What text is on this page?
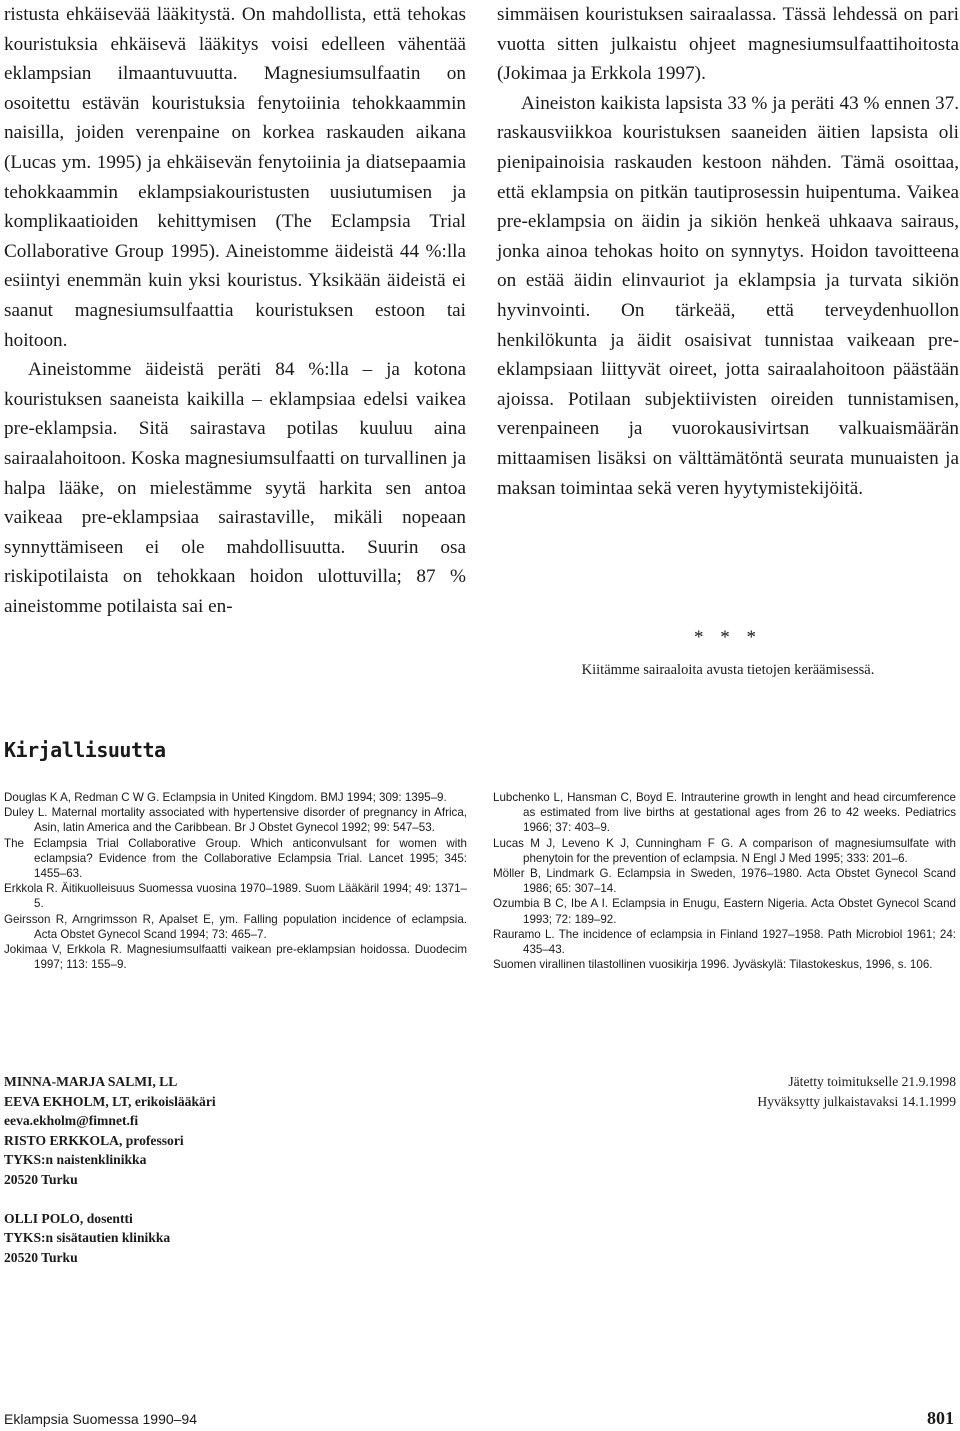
ristusta ehkäisevää lääkitystä. On mahdollista, että tehokas kouristuksia ehkäisevä lääkitys voisi edelleen vähentää eklampsian ilmaantuvuutta. Magnesiumsulfaatin on osoitettu estävän kouristuksia fenytoiinia tehokkaammin naisilla, joiden verenpaine on korkea raskauden aikana (Lucas ym. 1995) ja ehkäisevän fenytoiinia ja diatsepaamia tehokkaammin eklampsiakouristusten uusiutumisen ja komplikaatioiden kehittymisen (The Eclampsia Trial Collaborative Group 1995). Aineistomme äideistä 44 %:lla esiintyi enemmän kuin yksi kouristus. Yksikään äideistä ei saanut magnesiumsulfaattia kouristuksen estoon tai hoitoon.

Aineistomme äideistä peräti 84 %:lla – ja kotona kouristuksen saaneista kaikilla – eklampsiaa edelsi vaikea pre-eklampsia. Sitä sairastava potilas kuuluu aina sairaalahoitoon. Koska magnesiumsulfaatti on turvallinen ja halpa lääke, on mielestämme syytä harkita sen antoa vaikeaa pre-eklampsiaa sairastaville, mikäli nopeaan synnyttämiseen ei ole mahdollisuutta. Suurin osa riskipotilaista on tehokkaan hoidon ulottuvilla; 87 % aineistomme potilaista sai en-

simmäisen kouristuksen sairaalassa. Tässä lehdessä on pari vuotta sitten julkaistu ohjeet magnesiumsulfaattihoitosta (Jokimaa ja Erkkola 1997).

Aineiston kaikista lapsista 33 % ja peräti 43 % ennen 37. raskausviikkoa kouristuksen saaneiden äitien lapsista oli pienipainoisia raskauden kestoon nähden. Tämä osoittaa, että eklampsia on pitkän tautiprosessin huipentuma. Vaikea pre-eklampsia on äidin ja sikiön henkeä uhkaava sairaus, jonka ainoa tehokas hoito on synnytys. Hoidon tavoitteena on estää äidin elinvauriot ja eklampsia ja turvata sikiön hyvinvointi. On tärkeää, että terveydenhuollon henkilökunta ja äidit osaisivat tunnistaa vaikeaan pre-eklampsiaan liittyvät oireet, jotta sairaalahoitoon päästään ajoissa. Potilaan subjektiivisten oireiden tunnistamisen, verenpaineen ja vuorokausivirtsan valkuaismäärän mittaamisen lisäksi on välttämätöntä seurata munuaisten ja maksan toimintaa sekä veren hyytymistekijöitä.

* * *
Kiitämme sairaaloita avusta tietojen keräämisessä.
Kirjallisuutta

Douglas K A, Redman C W G. Eclampsia in United Kingdom. BMJ 1994; 309: 1395–9.

Duley L. Maternal mortality associated with hypertensive disorder of pregnancy in Africa, Asin, latin America and the Caribbean. Br J Obstet Gynecol 1992; 99: 547–53.

The Eclampsia Trial Collaborative Group. Which anticonvulsant for women with eclampsia? Evidence from the Collaborative Eclampsia Trial. Lancet 1995; 345: 1455–63.

Erkkola R. Äitikuolleisuus Suomessa vuosina 1970–1989. Suom Lääkäril 1994; 49: 1371–5.

Geirsson R, Arngrimsson R, Apalset E, ym. Falling population incidence of eclampsia. Acta Obstet Gynecol Scand 1994; 73: 465–7.

Jokimaa V, Erkkola R. Magnesiumsulfaatti vaikean pre-eklampsian hoidossa. Duodecim 1997; 113: 155–9.

Lubchenko L, Hansman C, Boyd E. Intrauterine growth in lenght and head circumference as estimated from live births at gestational ages from 26 to 42 weeks. Pediatrics 1966; 37: 403–9.

Lucas M J, Leveno K J, Cunningham F G. A comparison of magnesiumsulfate with phenytoin for the prevention of eclampsia. N Engl J Med 1995; 333: 201–6.

Möller B, Lindmark G. Eclampsia in Sweden, 1976–1980. Acta Obstet Gynecol Scand 1986; 65: 307–14.

Ozumbia B C, Ibe A I. Eclampsia in Enugu, Eastern Nigeria. Acta Obstet Gynecol Scand 1993; 72: 189–92.

Rauramo L. The incidence of eclampsia in Finland 1927–1958. Path Microbiol 1961; 24: 435–43.

Suomen virallinen tilastollinen vuosikirja 1996. Jyväskylä: Tilastokeskus, 1996, s. 106.

MINNA-MARJA SALMI, LL
EEVA EKHOLM, LT, erikoislääkäri
eeva.ekholm@fimnet.fi
RISTO ERKKOLA, professori
TYKS:n naistenklinikka
20520 Turku
OLLI POLO, dosentti
TYKS:n sisätautien klinikka
20520 Turku
Jätetty toimitukselle 21.9.1998
Hyväksytty julkaistavaksi 14.1.1999
Eklampsia Suomessa 1990–94	801
